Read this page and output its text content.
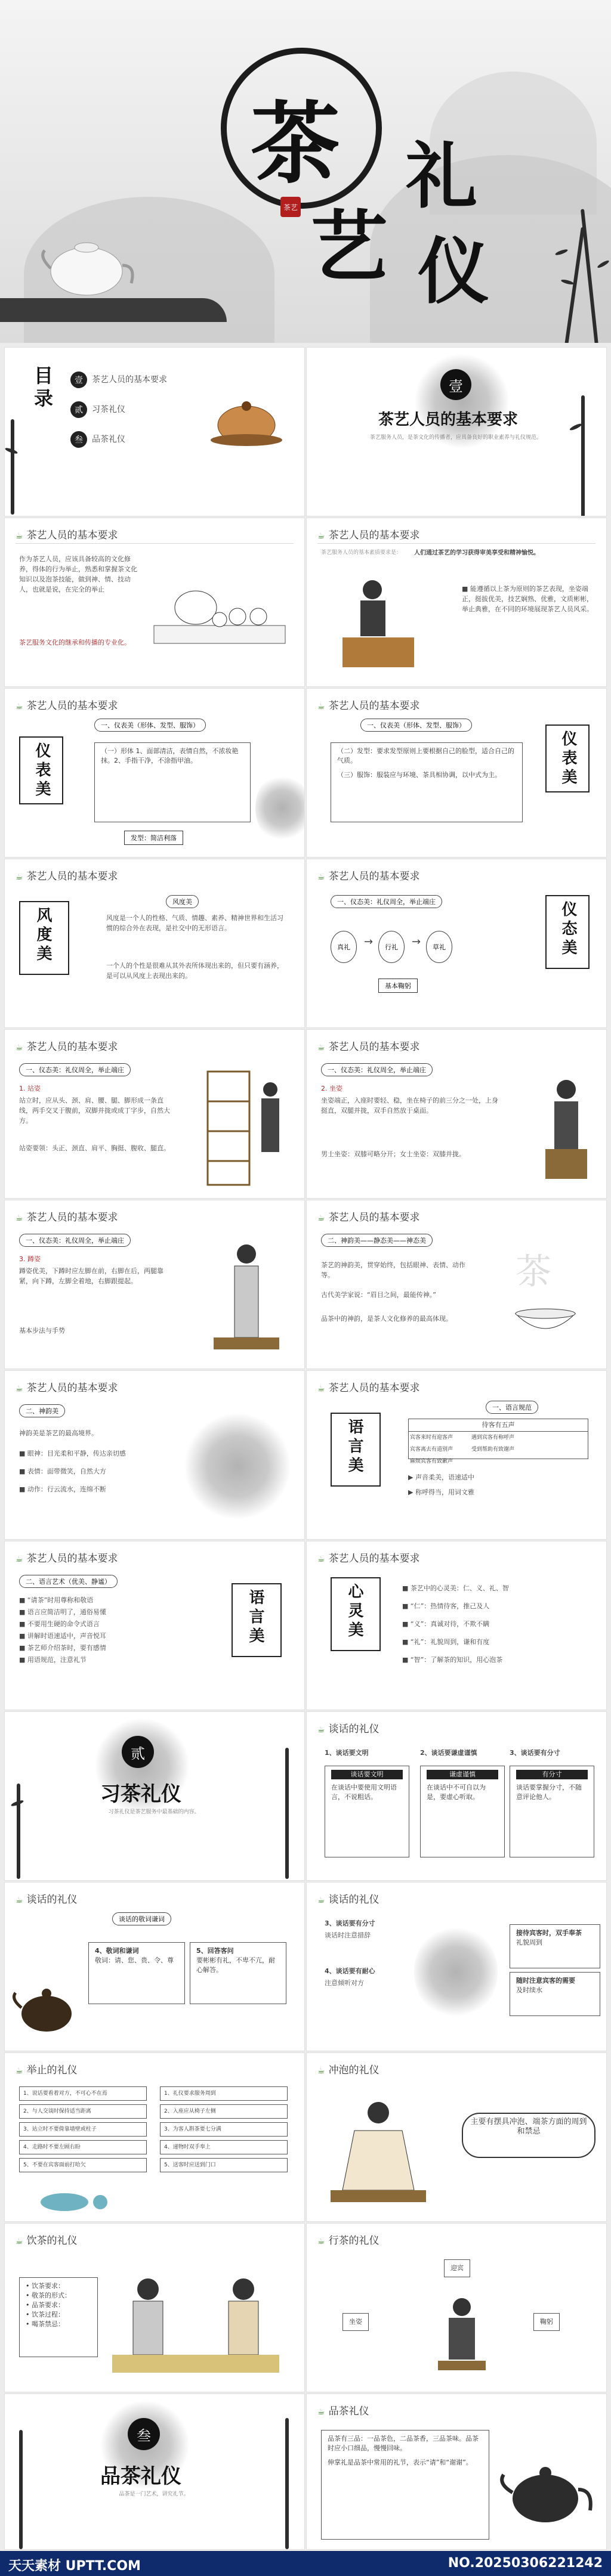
茶 礼
艺 仪
茶艺
目录
壹	茶艺人员的基本要求
贰	习茶礼仪
叁	品茶礼仪
壹
茶艺人员的基本要求
茶艺服务人员，是茶文化的传播者，应具备良好的职业素养与礼仪规范。
☕ 茶艺人员的基本要求
作为茶艺人员，应该具备较高的文化修养，得体的行为举止，熟悉和掌握茶文化知识以及泡茶技能，做到神、情、技动人，也就是说，在完全的举止
茶艺服务文化的继承和传播的专业化。
☕ 茶艺人员的基本要求
茶艺服务人员的基本素质要求是： 人们通过茶艺的学习获得审美享受和精神愉悦。
■ 能遵循以上茶为原则的茶艺表现，坐姿端正，挺拔优美，技艺娴熟、优雅，文质彬彬，举止典雅，在不同的环境展现茶艺人员风采。
☕ 茶艺人员的基本要求
仪表美
一、仪表美（形体、发型、服饰）
（一）形体 1、面部清洁，表情自然，不浓妆艳抹。2、手指干净，不涂指甲油。
发型：简洁利落
☕ 茶艺人员的基本要求
一、仪表美（形体、发型、服饰）
（二）发型：要求发型原则上要根据自己的脸型，适合自己的气质。
（三）服饰：服装应与环境、茶具相协调，以中式为主。	仪表美
☕ 茶艺人员的基本要求
风度美
风度美
风度是一个人的性格、气质、情趣、素养、精神世界和生活习惯的综合外在表现，是社交中的无形语言。
一个人的个性是很难从其外表所体现出来的，但只要有涵养，是可以从风度上表现出来的。
☕ 茶艺人员的基本要求
一、仪态美：礼仪周全，举止端庄
真礼	→	行礼	→	草礼
基本鞠躬
仪态美
☕ 茶艺人员的基本要求
一、仪态美：礼仪周全，举止端庄
1. 站姿
站立时，应从头、颈、肩、腰、腿、脚形成一条直线，两手交叉于腹前，双脚并拢或成丁字步，自然大方。
站姿要领：头正、颈直、肩平、胸挺、腹收、腿直。
☕ 茶艺人员的基本要求
一、仪态美：礼仪周全，举止端庄
2. 坐姿
坐姿端正，入座时要轻、稳，坐在椅子的前三分之一处，上身挺直，双腿并拢，双手自然放于桌面。
男士坐姿：双膝可略分开；女士坐姿：双膝并拢。
☕ 茶艺人员的基本要求
一、仪态美：礼仪周全，举止端庄
3. 蹲姿
蹲姿优美，下蹲时应左脚在前，右脚在后，两腿靠紧，向下蹲，左脚全着地，右脚跟提起。
基本步法与手势
☕ 茶艺人员的基本要求
二、神韵美——静态美——神态美
茶艺的神韵美，贯穿始终，包括眼神、表情、动作等。
古代美学家说：“眉目之间，最能传神。”
品茶中的神韵，是茶人文化修养的最高体现。
茶
☕ 茶艺人员的基本要求
二、神韵美
神韵美是茶艺的最高境界。
■ 眼神：目光柔和平静，传达亲切感
■ 表情：面带微笑，自然大方
■ 动作：行云流水，连绵不断
☕ 茶艺人员的基本要求
语言美
一、语言规范
待客有五声
宾客来时有迎客声	遇到宾客有称呼声
宾客离去有道别声	受到帮助有致谢声
麻烦宾客有致歉声
▶ 声音柔美，语速适中
▶ 称呼得当，用词文雅
☕ 茶艺人员的基本要求
二、语言艺术（优美、静谧）
■ “请茶”时用尊称和敬语
■ 语言应简洁明了，通俗易懂
■ 不要用生硬的命令式语言
■ 讲解时语速适中，声音悦耳
■ 茶艺师介绍茶时，要有感情
■ 用语规范，注意礼节
语言美
☕ 茶艺人员的基本要求
心灵美	■ 茶艺中的心灵美：仁、义、礼、智
■ “仁”：热情待客，推己及人
■ “义”：真诚对待，不欺不瞒
■ “礼”：礼貌周到，谦和有度
■ “智”：了解茶的知识，用心泡茶
贰
习茶礼仪
习茶礼仪是茶艺服务中最基础的内容。
☕ 谈话的礼仪
1、谈话要文明
谈话要文明
在谈话中要使用文明语言，不说粗话。
2、谈话要谦虚谨慎
谦虚谨慎
在谈话中不可自以为是，要虚心听取。
3、谈话要有分寸
有分寸
谈话要掌握分寸，不随意评论他人。
☕ 谈话的礼仪
谈话的敬词谦词
4、敬词和谦词
敬词：请、您、贵、令、尊
5、回答客问
要彬彬有礼，不卑不亢，耐心解答。
☕ 谈话的礼仪
3、谈话要有分寸
谈话时注意措辞
4、谈话要有耐心
注意倾听对方
接待宾客时，双手奉茶
礼貌周到
随时注意宾客的需要
及时续水
☕ 举止的礼仪
1、说话要看着对方，不可心不在焉
2、与人交谈时保持适当距离
3、站立时不要倚靠墙壁或柱子
4、走路时不要左顾右盼
5、不要在宾客面前打哈欠
1、礼仪要求服务周到
2、入座应从椅子左侧
3、为客人斟茶要七分满
4、递物时双手奉上
5、送客时应送到门口
☕ 冲泡的礼仪
主要有摆具冲泡、端茶方面的周到和禁忌
☕ 饮茶的礼仪
• 饮茶要求：
• 敬茶的形式：
• 品茶要求：
• 饮茶过程：
• 喝茶禁忌：
☕ 行茶的礼仪
迎宾
坐姿	鞠躬
叁
品茶礼仪
品茶是一门艺术，讲究礼节。
☕ 品茶礼仪
品茶有三品：一品茶色，二品茶香，三品茶味。品茶时应小口细品，慢慢回味。
伸掌礼是品茶中常用的礼节，表示“请”和“谢谢”。
天天素材 UPTT.COM	NO.20250306221242
